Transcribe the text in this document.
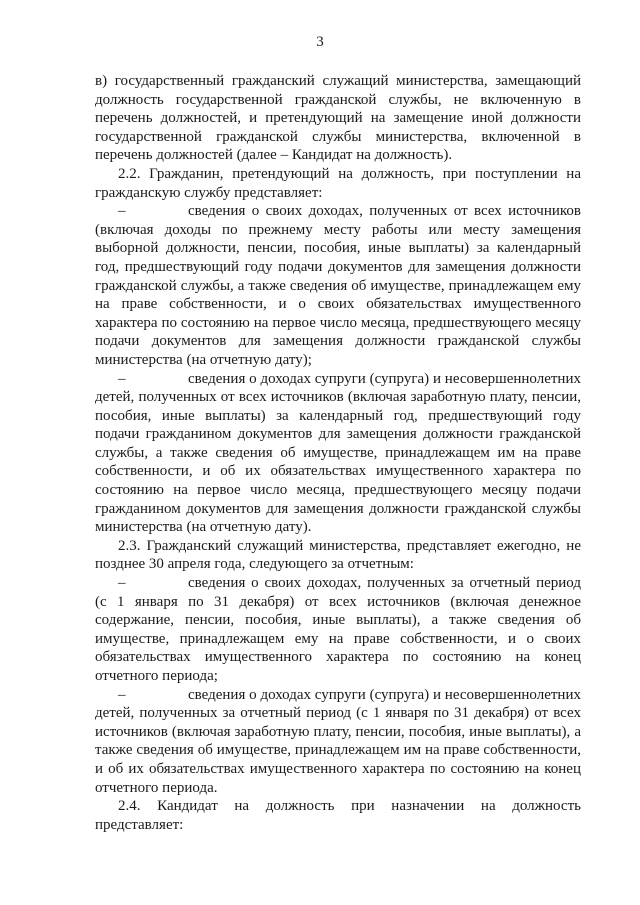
3

в) государственный гражданский служащий министерства, замещающий должность государственной гражданской службы, не включенную в перечень должностей, и претендующий на замещение иной должности государственной гражданской службы министерства, включенной в перечень должностей (далее – Кандидат на должность).

2.2. Гражданин, претендующий на должность, при поступлении на гражданскую службу представляет:

–	сведения о своих доходах, полученных от всех источников (включая доходы по прежнему месту работы или месту замещения выборной должности, пенсии, пособия, иные выплаты) за календарный год, предшествующий году подачи документов для замещения должности гражданской службы, а также сведения об имуществе, принадлежащем ему на праве собственности, и о своих обязательствах имущественного характера по состоянию на первое число месяца, предшествующего месяцу подачи документов для замещения должности гражданской службы министерства (на отчетную дату);

–	сведения о доходах супруги (супруга) и несовершеннолетних детей, полученных от всех источников (включая заработную плату, пенсии, пособия, иные выплаты) за календарный год, предшествующий году подачи гражданином документов для замещения должности гражданской службы, а также сведения об имуществе, принадлежащем им на праве собственности, и об их обязательствах имущественного характера по состоянию на первое число месяца, предшествующего месяцу подачи гражданином документов для замещения должности гражданской службы министерства (на отчетную дату).

2.3. Гражданский служащий министерства, представляет ежегодно, не позднее 30 апреля года, следующего за отчетным:

–	сведения о своих доходах, полученных за отчетный период (с 1 января по 31 декабря) от всех источников (включая денежное содержание, пенсии, пособия, иные выплаты), а также сведения об имуществе, принадлежащем ему на праве собственности, и о своих обязательствах имущественного характера по состоянию на конец отчетного периода;

–	сведения о доходах супруги (супруга) и несовершеннолетних детей, полученных за отчетный период (с 1 января по 31 декабря) от всех источников (включая заработную плату, пенсии, пособия, иные выплаты), а также сведения об имуществе, принадлежащем им на праве собственности, и об их обязательствах имущественного характера по состоянию на конец отчетного периода.

2.4. Кандидат на должность при назначении на должность представляет:
